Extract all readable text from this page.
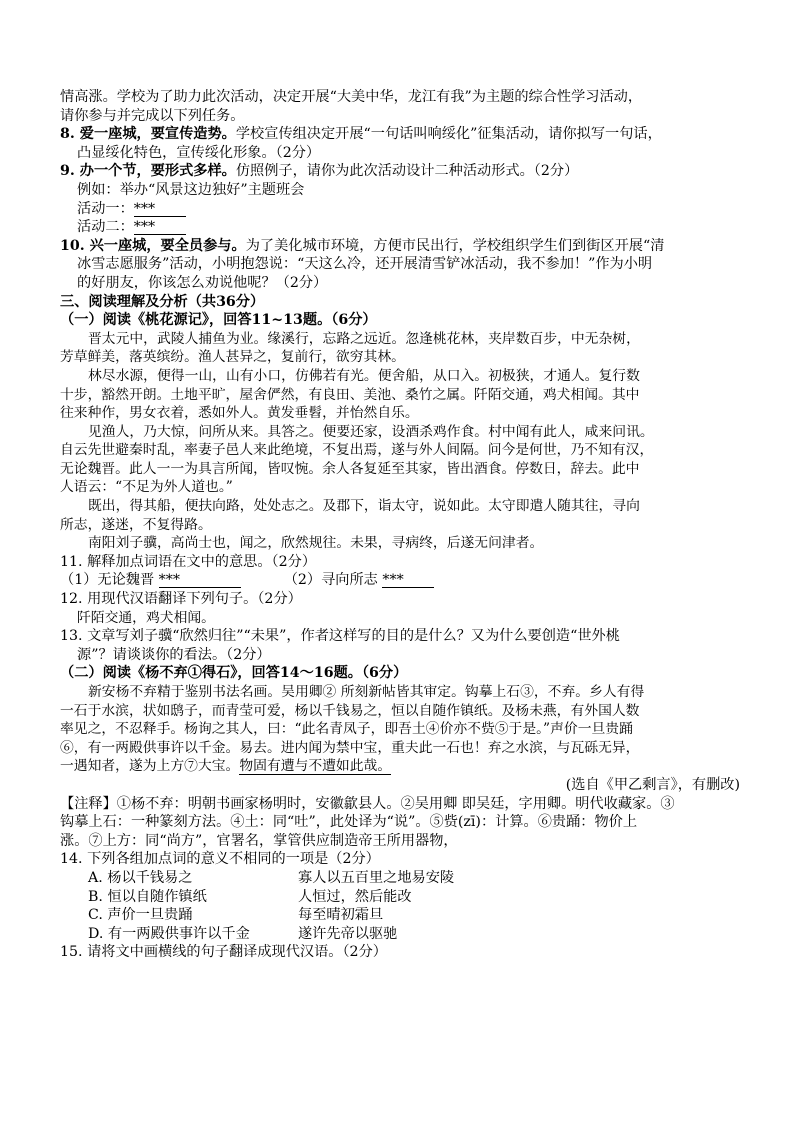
情高涨。学校为了助力此次活动，决定开展“大美中华，龙江有我”为主题的综合性学习活动，
请你参与并完成以下列任务。
8. 爱一座城，要宣传造势。学校宣传组决定开展“一句话叫响绥化”征集活动，请你拟写一句话，
凸显绥化特色，宣传绥化形象。（2分）
9. 办一个节，要形式多样。仿照例子，请你为此次活动设计二种活动形式。（2分）
例如：举办“风景这边独好”主题班会
活动一：***
活动二：***
10. 兴一座城，要全员参与。为了美化城市环境，方便市民出行，学校组织学生们到街区开展“清
冰雪志愿服务”活动，小明抱怨说：“天这么冷，还开展清雪铲冰活动，我不参加！”作为小明
的好朋友，你该怎么劝说他呢？（2分）
三、阅读理解及分析（共36分）
（一）阅读《桃花源记》，回答11~13题。（6分）
晋太元中，武陵人捕鱼为业。缘溪行，忘路之远近。忽逢桃花林，夹岸数百步，中无杂树，
芳草鲜美，落英缤纷。渔人甚异之，复前行，欲穷其林。
林尽水源，便得一山，山有小口，仿佛若有光。便舍船，从口入。初极狭，才通人。复行数
十步，豁然开朗。土地平旷，屋舍俨然，有良田、美池、桑竹之属。阡陌交通，鸡犬相闻。其中
往来种作，男女衣着，悉如外人。黄发垂髫，并怡然自乐。
见渔人，乃大惊，问所从来。具答之。便要还家，设酒杀鸡作食。村中闻有此人，咸来问讯。
自云先世避秦时乱，率妻子邑人来此绝境，不复出焉，遂与外人间隔。问今是何世，乃不知有汉，
无论魏晋。此人一一为具言所闻，皆叹惋。余人各复延至其家，皆出酒食。停数日，辞去。此中
人语云：“不足为外人道也。”
既出，得其船，便扶向路，处处志之。及郡下，诣太守，说如此。太守即遣人随其往，寻向
所志，遂迷，不复得路。
南阳刘子骥，高尚士也，闻之，欣然规往。未果，寻病终，后遂无问津者。
11. 解释加点词语在文中的意思。（2分）
（1）无论魏晋 ***	（2）寻向所志 ***
12. 用现代汉语翻译下列句子。（2分）
阡陌交通，鸡犬相闻。
13. 文章写刘子骥“欣然归往”“未果”，作者这样写的目的是什么？又为什么要创造“世外桃
源”？请谈谈你的看法。（2分）
（二）阅读《杨不弃①得石》，回答14～16题。（6分）
新安杨不弃精于鉴别书法名画。吴用卿② 所刻新帖皆其审定。钩摹上石③，不弃。乡人有得
一石于水滨，状如鸱子，而青莹可爱，杨以千钱易之，恒以自随作镇纸。及杨未燕，有外国人数
率见之，不忍释手。杨询之其人，曰：“此名青凤子，即吾土④价亦不赀⑤于是。”声价一旦贵踊
⑥，有一两殿供事许以千金。易去。进内闻为禁中宝，重夫此一石也！弃之水滨，与瓦砾无异，
一遇知者，遂为上方⑦大宝。物固有遭与不遭如此哉。
(选自《甲乙剩言》，有删改)
【注释】①杨不弃：明朝书画家杨明时，安徽歙县人。②吴用卿 即吴廷，字用卿。明代收藏家。③
钩摹上石：一种篆刻方法。④土：同“吐”，此处译为“说”。⑤赀(zī)：计算。⑥贵踊：物价上
涨。⑦上方：同“尚方”，官署名，掌管供应制造帝王所用器物，
14. 下列各组加点词的意义不相同的一项是（2分）
A. 杨以千钱易之	寡人以五百里之地易安陵
B. 恒以自随作镇纸	人恒过，然后能改
C. 声价一旦贵踊	每至晴初霜旦
D. 有一两殿供事许以千金	遂许先帝以驱驰
15. 请将文中画横线的句子翻译成现代汉语。（2分）
